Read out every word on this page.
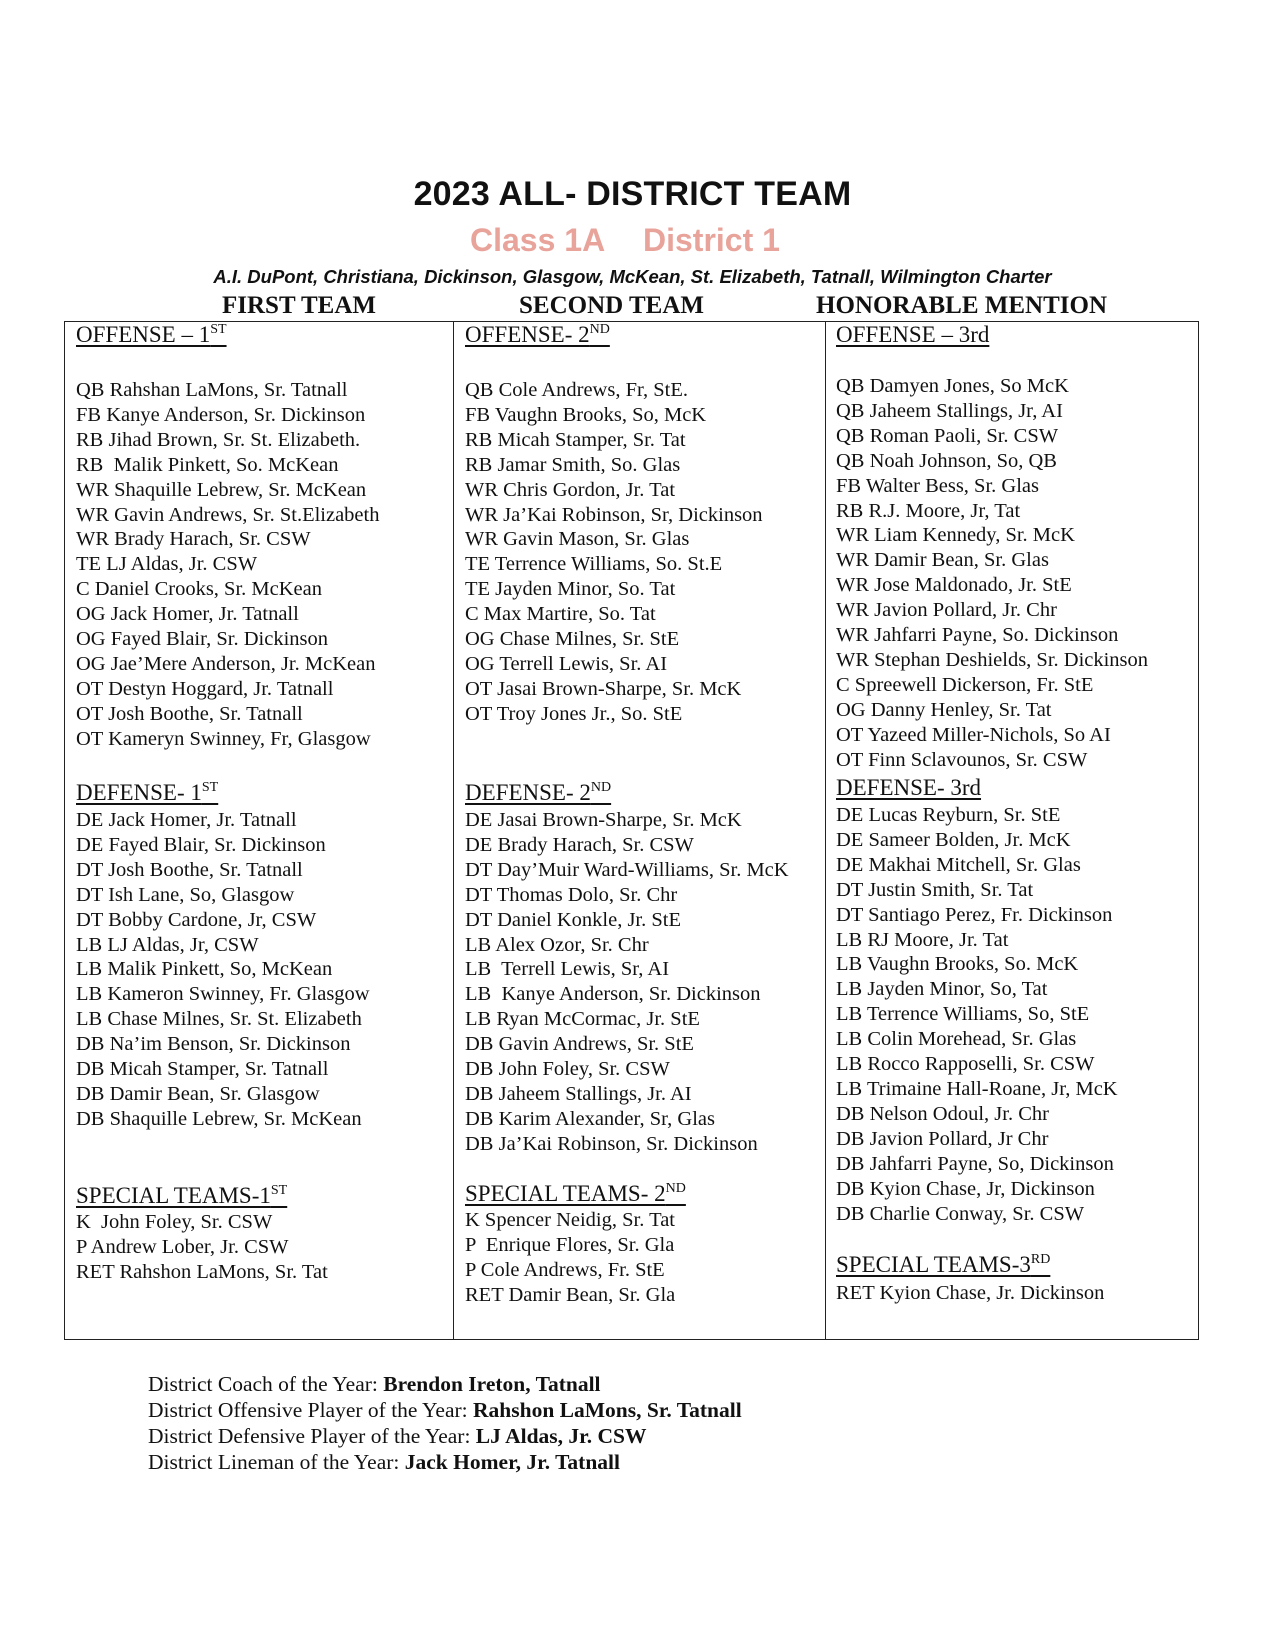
2023 ALL- DISTRICT TEAM
Class 1A District 1
A.I. DuPont, Christiana, Dickinson, Glasgow, McKean, St. Elizabeth, Tatnall, Wilmington Charter
FIRST TEAM	SECOND TEAM	HONORABLE MENTION
OFFENSE – 1ST
QB Rahshan LaMons, Sr. Tatnall
FB Kanye Anderson, Sr. Dickinson
RB Jihad Brown, Sr. St. Elizabeth.
RB  Malik Pinkett, So. McKean
WR Shaquille Lebrew, Sr. McKean
WR Gavin Andrews, Sr. St.Elizabeth
WR Brady Harach, Sr. CSW
TE LJ Aldas, Jr. CSW
C Daniel Crooks, Sr. McKean
OG Jack Homer, Jr. Tatnall
OG Fayed Blair, Sr. Dickinson
OG Jae’Mere Anderson, Jr. McKean
OT Destyn Hoggard, Jr. Tatnall
OT Josh Boothe, Sr. Tatnall
OT Kameryn Swinney, Fr, Glasgow
DEFENSE- 1ST
DE Jack Homer, Jr. Tatnall
DE Fayed Blair, Sr. Dickinson
DT Josh Boothe, Sr. Tatnall
DT Ish Lane, So, Glasgow
DT Bobby Cardone, Jr, CSW
LB LJ Aldas, Jr, CSW
LB Malik Pinkett, So, McKean
LB Kameron Swinney, Fr. Glasgow
LB Chase Milnes, Sr. St. Elizabeth
DB Na’im Benson, Sr. Dickinson
DB Micah Stamper, Sr. Tatnall
DB Damir Bean, Sr. Glasgow
DB Shaquille Lebrew, Sr. McKean
SPECIAL TEAMS-1ST
K  John Foley, Sr. CSW
P Andrew Lober, Jr. CSW
RET Rahshon LaMons, Sr. Tat
OFFENSE- 2ND
QB Cole Andrews, Fr, StE.
FB Vaughn Brooks, So, McK
RB Micah Stamper, Sr. Tat
RB Jamar Smith, So. Glas
WR Chris Gordon, Jr. Tat
WR Ja’Kai Robinson, Sr, Dickinson
WR Gavin Mason, Sr. Glas
TE Terrence Williams, So. St.E
TE Jayden Minor, So. Tat
C Max Martire, So. Tat
OG Chase Milnes, Sr. StE
OG Terrell Lewis, Sr. AI
OT Jasai Brown-Sharpe, Sr. McK
OT Troy Jones Jr., So. StE
DEFENSE- 2ND
DE Jasai Brown-Sharpe, Sr. McK
DE Brady Harach, Sr. CSW
DT Day’Muir Ward-Williams, Sr. McK
DT Thomas Dolo, Sr. Chr
DT Daniel Konkle, Jr. StE
LB Alex Ozor, Sr. Chr
LB  Terrell Lewis, Sr, AI
LB  Kanye Anderson, Sr. Dickinson
LB Ryan McCormac, Jr. StE
DB Gavin Andrews, Sr. StE
DB John Foley, Sr. CSW
DB Jaheem Stallings, Jr. AI
DB Karim Alexander, Sr, Glas
DB Ja’Kai Robinson, Sr. Dickinson
SPECIAL TEAMS- 2ND
K Spencer Neidig, Sr. Tat
P  Enrique Flores, Sr. Gla
P Cole Andrews, Fr. StE
RET Damir Bean, Sr. Gla
OFFENSE – 3rd
QB Damyen Jones, So McK
QB Jaheem Stallings, Jr, AI
QB Roman Paoli, Sr. CSW
QB Noah Johnson, So, QB
FB Walter Bess, Sr. Glas
RB R.J. Moore, Jr, Tat
WR Liam Kennedy, Sr. McK
WR Damir Bean, Sr. Glas
WR Jose Maldonado, Jr. StE
WR Javion Pollard, Jr. Chr
WR Jahfarri Payne, So. Dickinson
WR Stephan Deshields, Sr. Dickinson
C Spreewell Dickerson, Fr. StE
OG Danny Henley, Sr. Tat
OT Yazeed Miller-Nichols, So AI
OT Finn Sclavounos, Sr. CSW
DEFENSE- 3rd
DE Lucas Reyburn, Sr. StE
DE Sameer Bolden, Jr. McK
DE Makhai Mitchell, Sr. Glas
DT Justin Smith, Sr. Tat
DT Santiago Perez, Fr. Dickinson
LB RJ Moore, Jr. Tat
LB Vaughn Brooks, So. McK
LB Jayden Minor, So, Tat
LB Terrence Williams, So, StE
LB Colin Morehead, Sr. Glas
LB Rocco Rapposelli, Sr. CSW
LB Trimaine Hall-Roane, Jr, McK
DB Nelson Odoul, Jr. Chr
DB Javion Pollard, Jr Chr
DB Jahfarri Payne, So, Dickinson
DB Kyion Chase, Jr, Dickinson
DB Charlie Conway, Sr. CSW
SPECIAL TEAMS-3RD
RET Kyion Chase, Jr. Dickinson
District Coach of the Year: Brendon Ireton, Tatnall
District Offensive Player of the Year: Rahshon LaMons, Sr. Tatnall
District Defensive Player of the Year: LJ Aldas, Jr. CSW
District Lineman of the Year: Jack Homer, Jr. Tatnall
